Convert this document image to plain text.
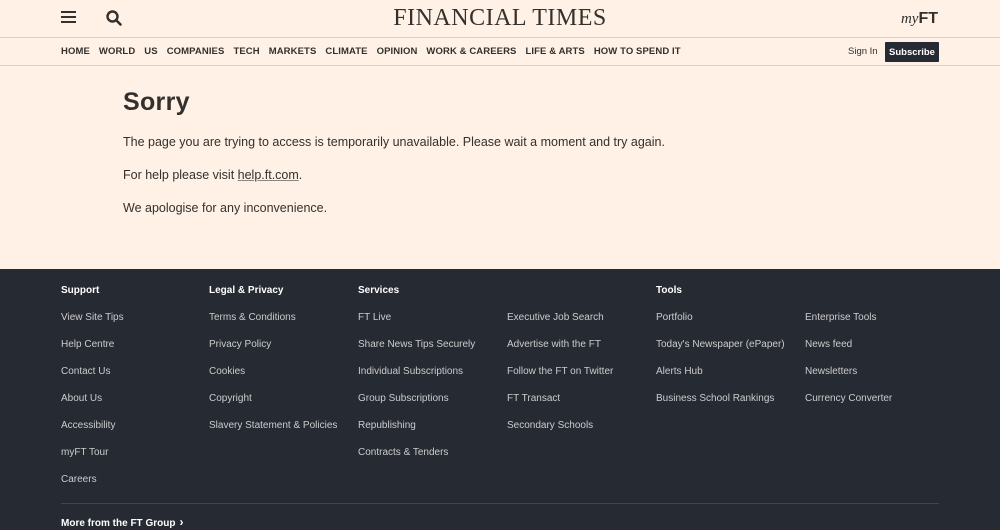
FINANCIAL TIMES	myFT
HOME WORLD US COMPANIES TECH MARKETS CLIMATE OPINION WORK & CAREERS LIFE & ARTS HOW TO SPEND IT	Sign In	Subscribe
Sorry

The page you are trying to access is temporarily unavailable. Please wait a moment and try again.

For help please visit help.ft.com.

We apologise for any inconvenience.

Support
View Site Tips
Help Centre
Contact Us
About Us
Accessibility
myFT Tour
Careers
Legal & Privacy
Terms & Conditions
Privacy Policy
Cookies
Copyright
Slavery Statement & Policies
Services
FT Live
Share News Tips Securely
Individual Subscriptions
Group Subscriptions
Republishing
Contracts & Tenders
Executive Job Search
Advertise with the FT
Follow the FT on Twitter
FT Transact
Secondary Schools
Tools
Portfolio
Today's Newspaper (ePaper)
Alerts Hub
Business School Rankings
Enterprise Tools
News feed
Newsletters
Currency Converter
More from the FT Group ›
